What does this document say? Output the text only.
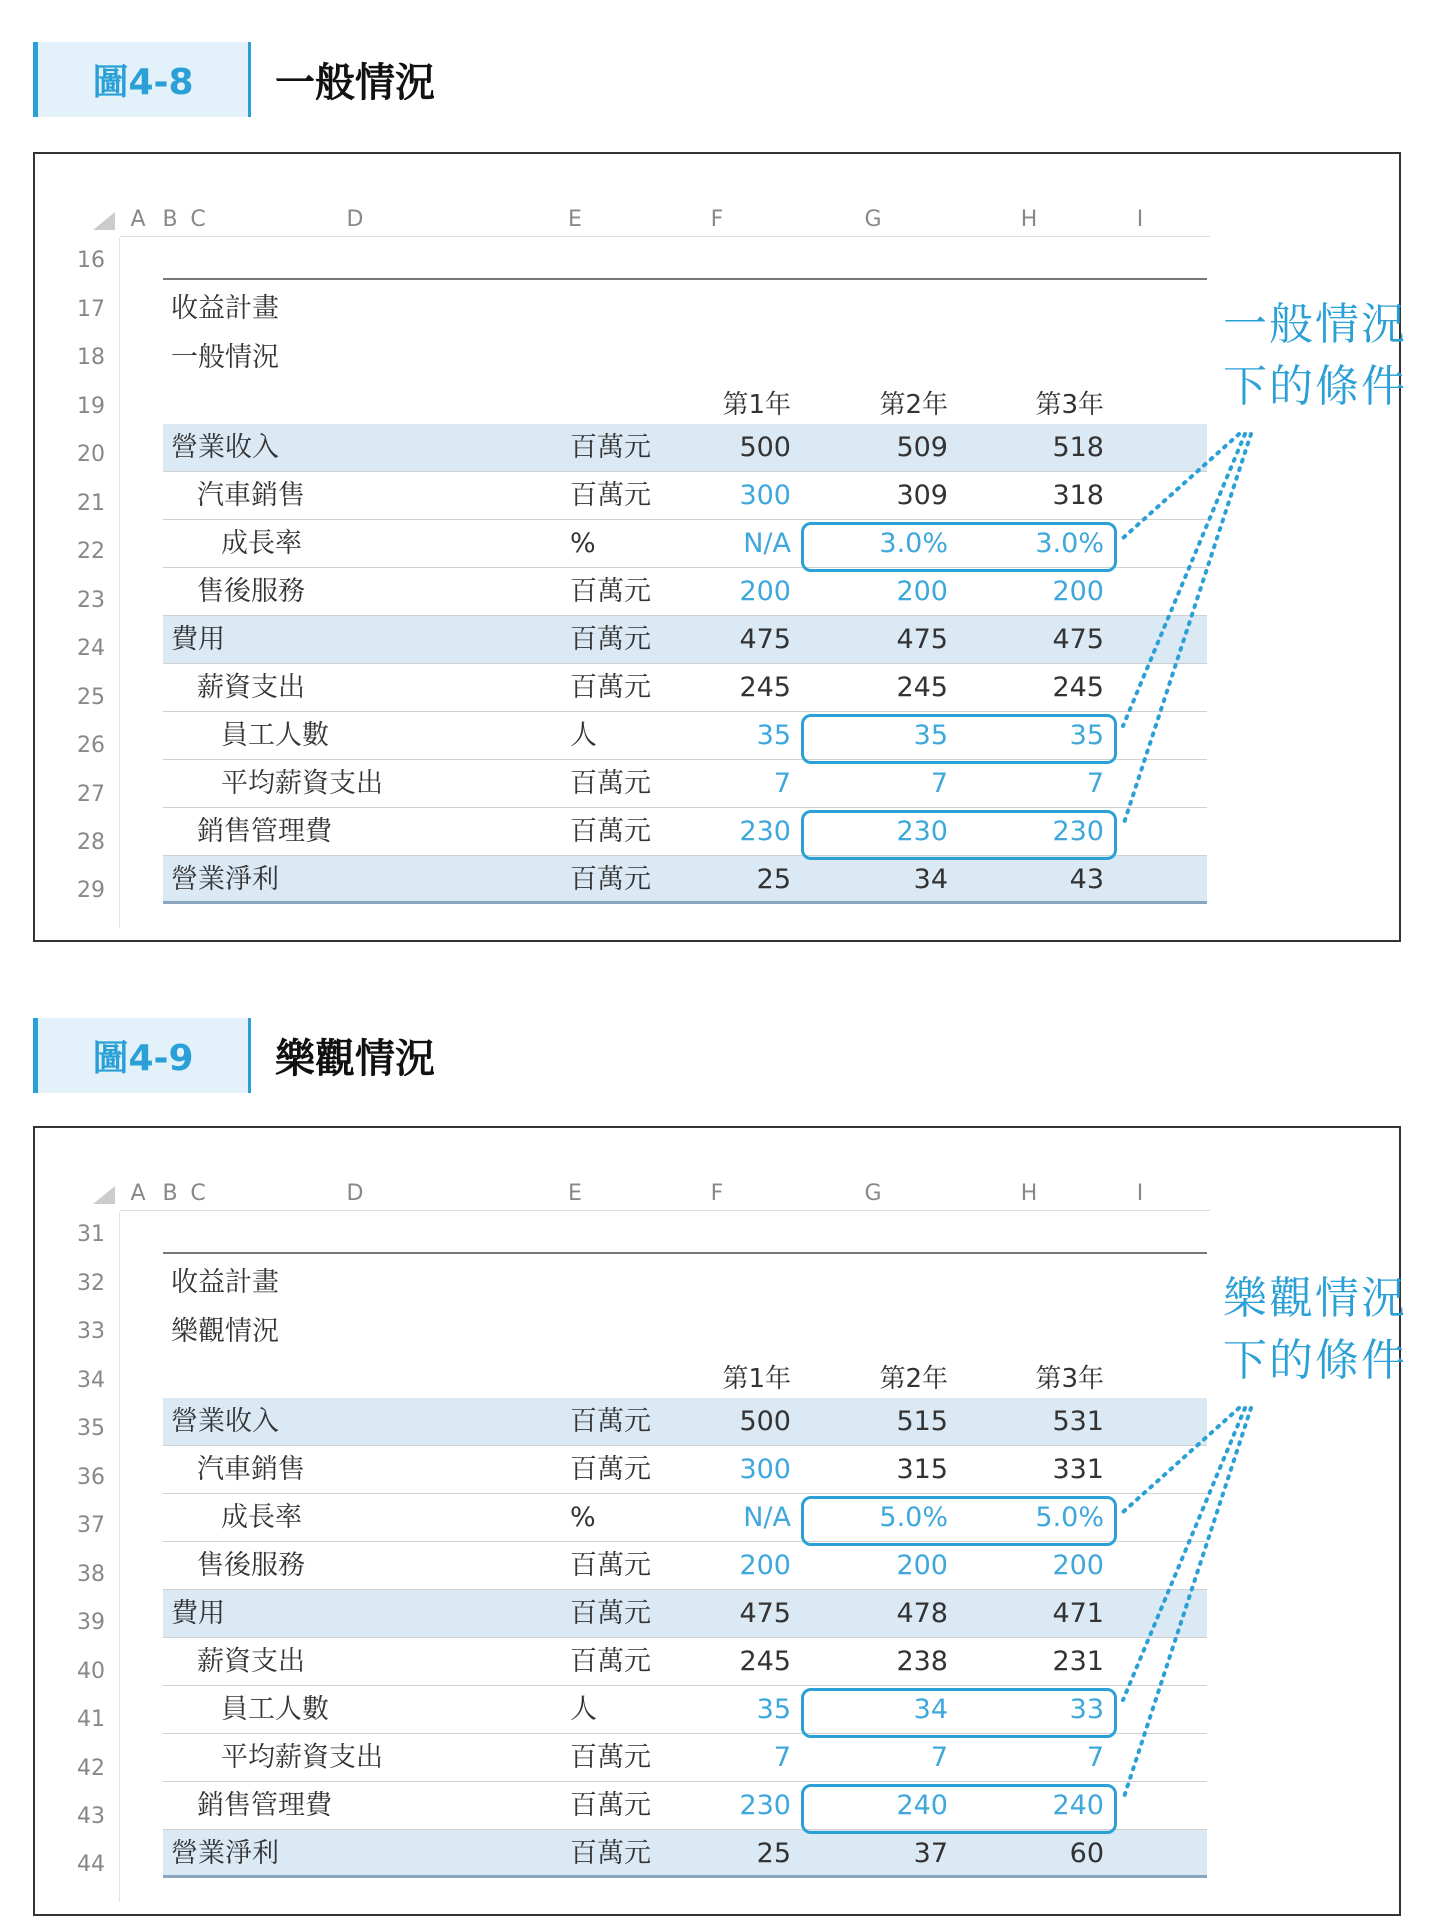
圖4-8	一般情況
A B C	D	E	F	G	H	I
16
17
18
19
20
21
22
23
24
25
26
27
28
29
收益計畫
一般情況
第1年	第2年	第3年
營業收入	百萬元	500	509	518
汽車銷售	百萬元	300	309	318
成長率	%	N/A	3.0%	3.0%
售後服務	百萬元	200	200	200
費用	百萬元	475	475	475
薪資支出	百萬元	245	245	245
員工人數	人	35	35	35
平均薪資支出	百萬元	7	7	7
銷售管理費	百萬元	230	230	230
營業淨利	百萬元	25	34	43
一般情況
下的條件
圖4-9	樂觀情況
A B C	D	E	F	G	H	I
31
32
33
34
35
36
37
38
39
40
41
42
43
44
收益計畫
樂觀情況
第1年	第2年	第3年
營業收入	百萬元	500	515	531
汽車銷售	百萬元	300	315	331
成長率	%	N/A	5.0%	5.0%
售後服務	百萬元	200	200	200
費用	百萬元	475	478	471
薪資支出	百萬元	245	238	231
員工人數	人	35	34	33
平均薪資支出	百萬元	7	7	7
銷售管理費	百萬元	230	240	240
營業淨利	百萬元	25	37	60
樂觀情況
下的條件
